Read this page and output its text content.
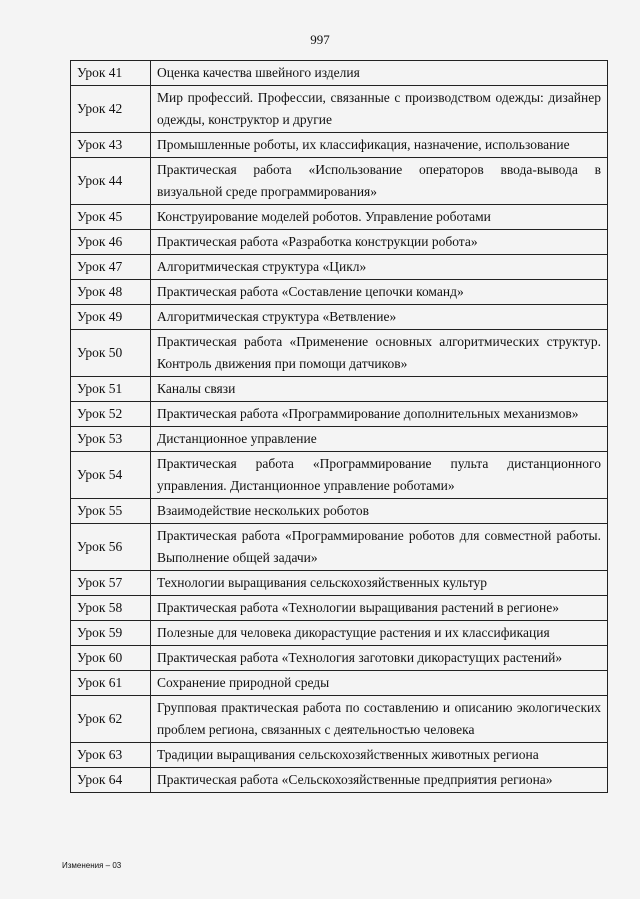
997
Урок 41	Оценка качества швейного изделия
Урок 42	Мир профессий. Профессии, связанные с производством одежды: дизайнер одежды, конструктор и другие
Урок 43	Промышленные роботы, их классификация, назначение, использование
Урок 44	Практическая работа «Использование операторов ввода-вывода в визуальной среде программирования»
Урок 45	Конструирование моделей роботов. Управление роботами
Урок 46	Практическая работа «Разработка конструкции робота»
Урок 47	Алгоритмическая структура «Цикл»
Урок 48	Практическая работа «Составление цепочки команд»
Урок 49	Алгоритмическая структура «Ветвление»
Урок 50	Практическая работа «Применение основных алгоритмических структур. Контроль движения при помощи датчиков»
Урок 51	Каналы связи
Урок 52	Практическая работа «Программирование дополнительных механизмов»
Урок 53	Дистанционное управление
Урок 54	Практическая работа «Программирование пульта дистанционного управления. Дистанционное управление роботами»
Урок 55	Взаимодействие нескольких роботов
Урок 56	Практическая работа «Программирование роботов для совместной работы. Выполнение общей задачи»
Урок 57	Технологии выращивания сельскохозяйственных культур
Урок 58	Практическая работа «Технологии выращивания растений в регионе»
Урок 59	Полезные для человека дикорастущие растения и их классификация
Урок 60	Практическая работа «Технология заготовки дикорастущих растений»
Урок 61	Сохранение природной среды
Урок 62	Групповая практическая работа по составлению и описанию экологических проблем региона, связанных с деятельностью человека
Урок 63	Традиции выращивания сельскохозяйственных животных региона
Урок 64	Практическая работа «Сельскохозяйственные предприятия региона»
Изменения – 03
